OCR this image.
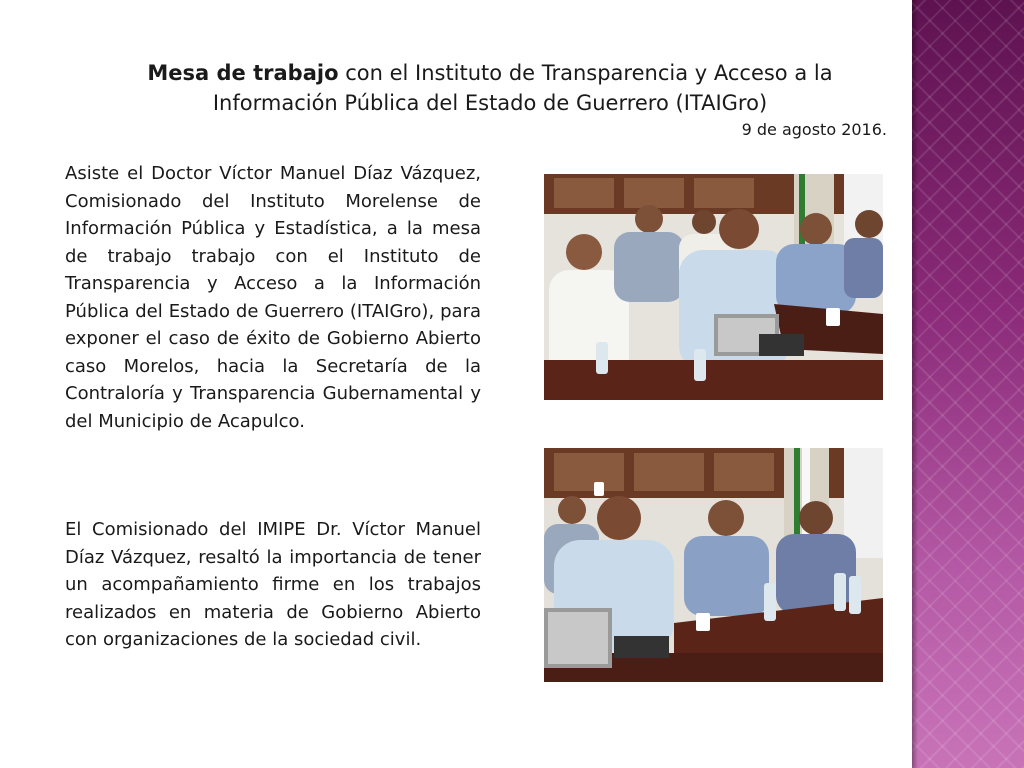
Mesa de trabajo con el Instituto de Transparencia y Acceso a la Información Pública del Estado de Guerrero (ITAIGro)
9 de agosto 2016.

Asiste el Doctor Víctor Manuel Díaz Vázquez, Comisionado del Instituto Morelense de Información Pública y Estadística, a la mesa de trabajo trabajo con el Instituto de Transparencia y Acceso a la Información Pública del Estado de Guerrero (ITAIGro), para exponer el caso de éxito de Gobierno Abierto caso Morelos, hacia la Secretaría de la Contraloría y Transparencia Gubernamental y del Municipio de Acapulco.

El Comisionado del IMIPE Dr. Víctor Manuel Díaz Vázquez, resaltó la importancia de tener un acompañamiento firme en los trabajos realizados en materia de Gobierno Abierto con organizaciones de la sociedad civil.
